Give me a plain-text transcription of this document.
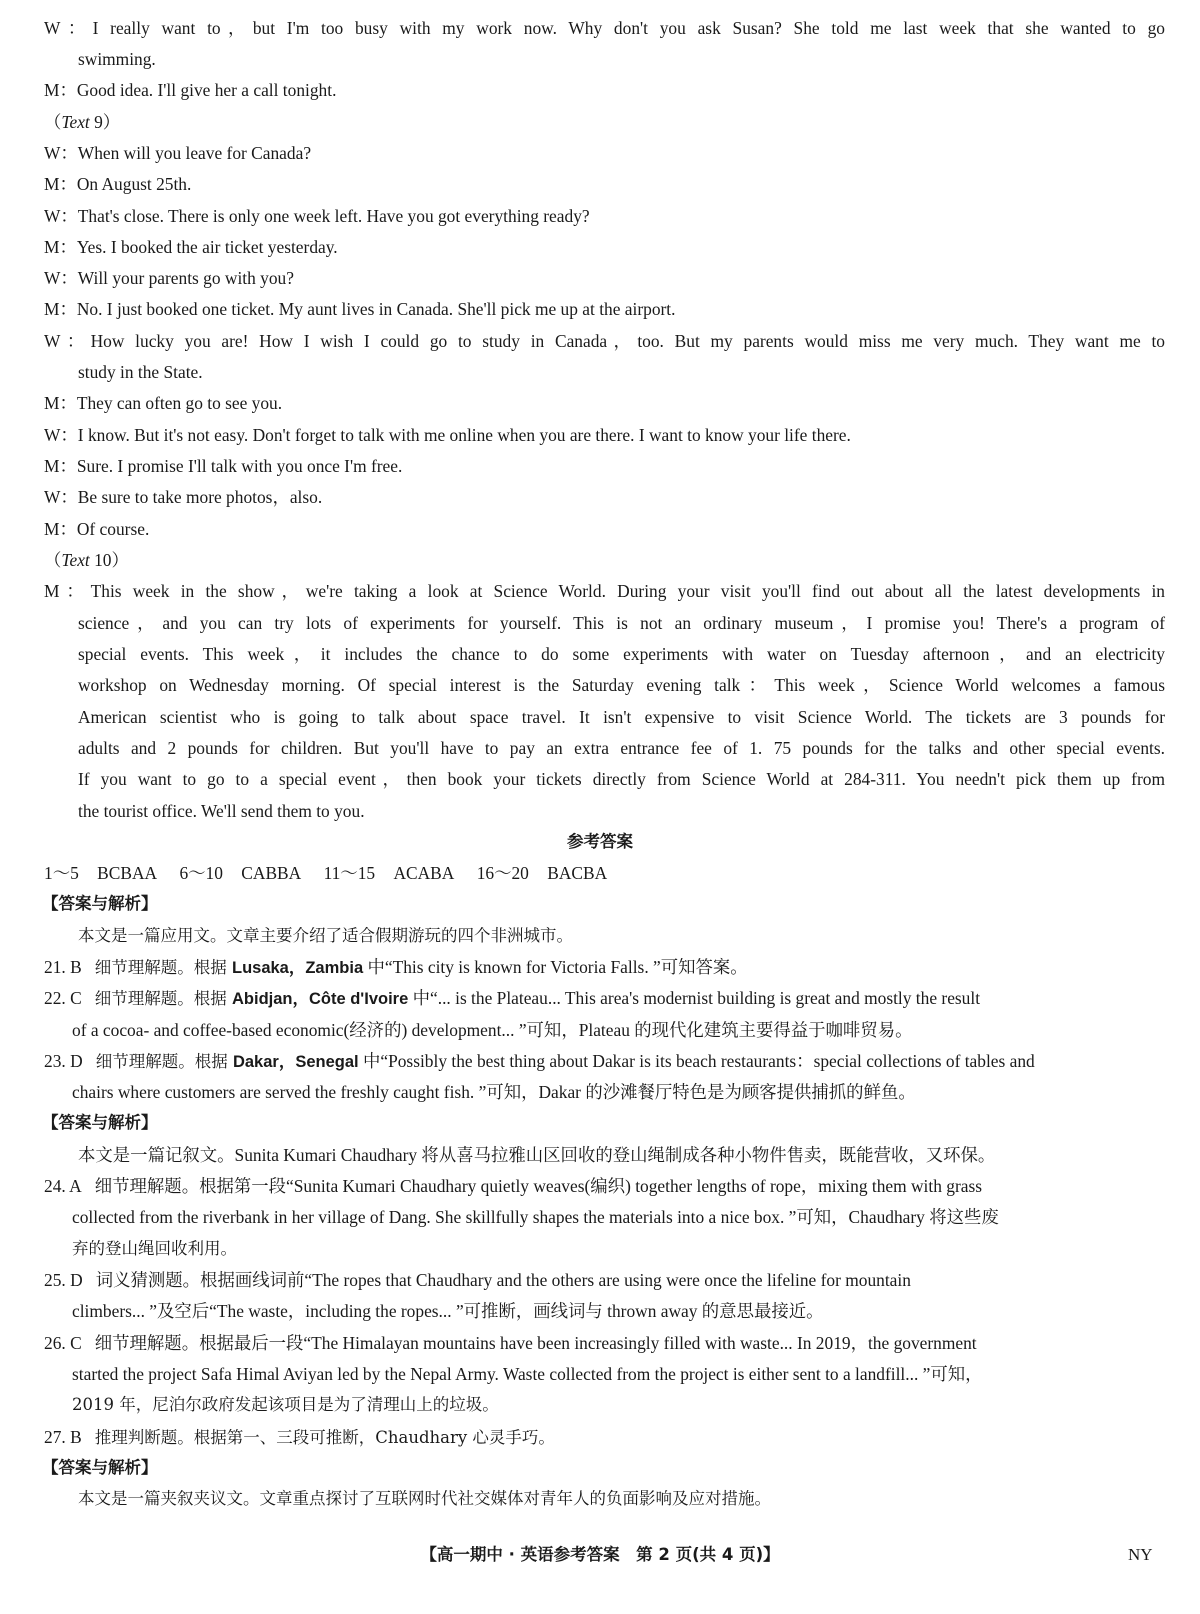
W：I really want to，but I'm too busy with my work now. Why don't you ask Susan? She told me last week that she wanted to go
swimming.
M：Good idea. I'll give her a call tonight.
（Text 9）
W：When will you leave for Canada?
M：On August 25th.
W：That's close. There is only one week left. Have you got everything ready?
M：Yes. I booked the air ticket yesterday.
W：Will your parents go with you?
M：No. I just booked one ticket. My aunt lives in Canada. She'll pick me up at the airport.
W：How lucky you are! How I wish I could go to study in Canada，too. But my parents would miss me very much. They want me to
study in the State.
M：They can often go to see you.
W：I know. But it's not easy. Don't forget to talk with me online when you are there. I want to know your life there.
M：Sure. I promise I'll talk with you once I'm free.
W：Be sure to take more photos，also.
M：Of course.
（Text 10）
M：This week in the show，we're taking a look at Science World. During your visit you'll find out about all the latest developments in
science，and you can try lots of experiments for yourself. This is not an ordinary museum，I promise you! There's a program of
special events. This week，it includes the chance to do some experiments with water on Tuesday afternoon，and an electricity
workshop on Wednesday morning. Of special interest is the Saturday evening talk：This week，Science World welcomes a famous
American scientist who is going to talk about space travel. It isn't expensive to visit Science World. The tickets are 3 pounds for
adults and 2 pounds for children. But you'll have to pay an extra entrance fee of 1. 75 pounds for the talks and other special events.
If you want to go to a special event，then book your tickets directly from Science World at 284-311. You needn't pick them up from
the tourist office. We'll send them to you.
参考答案
1～5 BCBAA 6～10 CABBA 11～15 ACABA 16～20 BACBA
【答案与解析】
本文是一篇应用文。文章主要介绍了适合假期游玩的四个非洲城市。
21. B 细节理解题。根据 Lusaka，Zambia 中“This city is known for Victoria Falls. ”可知答案。
22. C 细节理解题。根据 Abidjan，Côte d'Ivoire 中“... is the Plateau... This area's modernist building is great and mostly the result
of a cocoa- and coffee-based economic(经济的) development... ”可知，Plateau 的现代化建筑主要得益于咖啡贸易。
23. D 细节理解题。根据 Dakar，Senegal 中“Possibly the best thing about Dakar is its beach restaurants：special collections of tables and
chairs where customers are served the freshly caught fish. ”可知，Dakar 的沙滩餐厅特色是为顾客提供捕抓的鲜鱼。
【答案与解析】
本文是一篇记叙文。Sunita Kumari Chaudhary 将从喜马拉雅山区回收的登山绳制成各种小物件售卖，既能营收，又环保。
24. A 细节理解题。根据第一段“Sunita Kumari Chaudhary quietly weaves(编织) together lengths of rope，mixing them with grass
collected from the riverbank in her village of Dang. She skillfully shapes the materials into a nice box. ”可知，Chaudhary 将这些废
弃的登山绳回收利用。
25. D 词义猜测题。根据画线词前“The ropes that Chaudhary and the others are using were once the lifeline for mountain
climbers... ”及空后“The waste，including the ropes... ”可推断，画线词与 thrown away 的意思最接近。
26. C 细节理解题。根据最后一段“The Himalayan mountains have been increasingly filled with waste... In 2019，the government
started the project Safa Himal Aviyan led by the Nepal Army. Waste collected from the project is either sent to a landfill... ”可知，
2019 年，尼泊尔政府发起该项目是为了清理山上的垃圾。
27. B 推理判断题。根据第一、三段可推断，Chaudhary 心灵手巧。
【答案与解析】
本文是一篇夹叙夹议文。文章重点探讨了互联网时代社交媒体对青年人的负面影响及应对措施。
【高一期中 · 英语参考答案　第 2 页(共 4 页)】	NY
